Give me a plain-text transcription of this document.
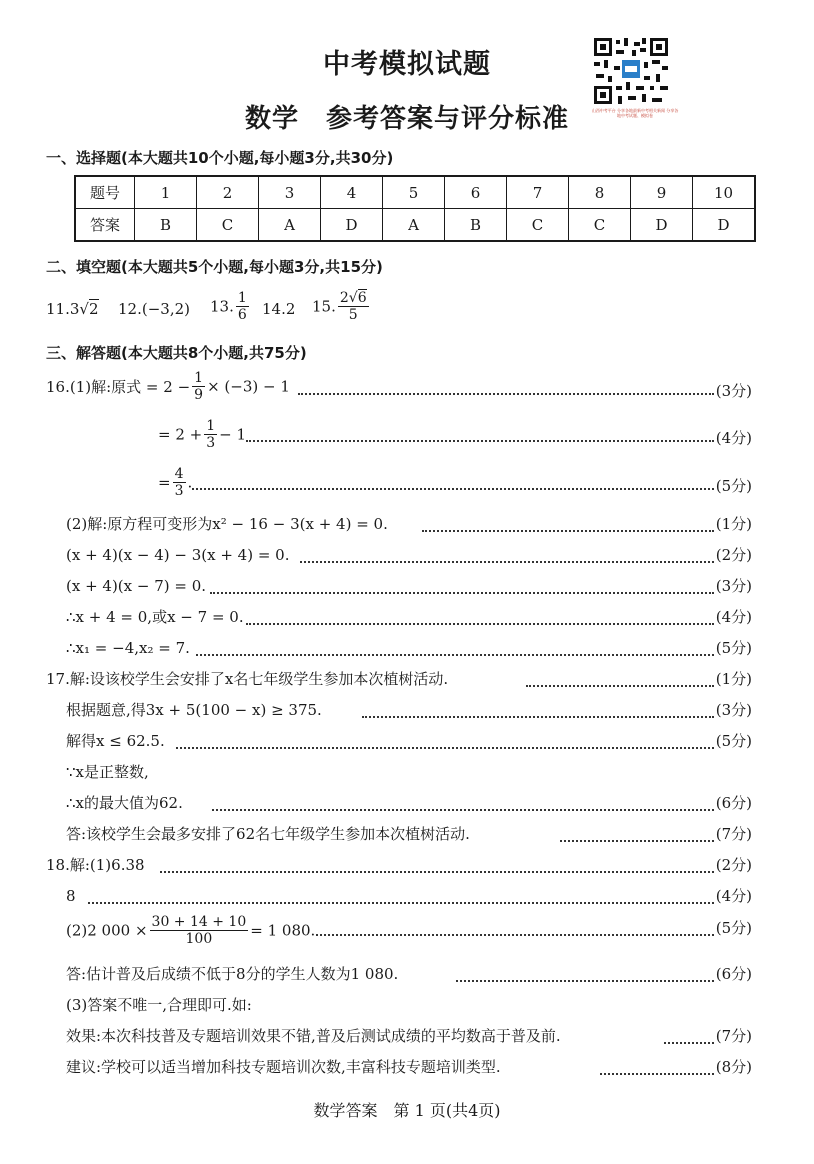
中考模拟试题
数学　参考答案与评分标准	山西中考平台 分享各地最新中考相关新闻 分享各地中考试题、模拟卷
一、选择题(本大题共10个小题,每小题3分,共30分)
题号	1	2	3	4	5	6	7	8	9	10
答案	B	C	A	D	A	B	C	C	D	D
二、填空题(本大题共5个小题,每小题3分,共15分)
11.3√2 12.(−3,2) 13. $\frac{1}{6} 14.2$ 15. $\frac{2√6}{5}$
三、解答题(本大题共8个小题,共75分)
16.(1)解:原式 = $2 - \frac{1}{9} \times (-3) - 1$	(3分)
= $2 + \frac{1}{3} - 1$	(4分)
= $\frac{4}{3}$ .	(5分)
(2)解:原方程可变形为x² − 16 − 3(x + 4) = 0.	(1分)
(x + 4)(x − 4) − 3(x + 4) = 0.	(2分)
(x + 4)(x − 7) = 0.	(3分)
∴x + 4 = 0,或x − 7 = 0.	(4分)
∴x₁ = −4,x₂ = 7.	(5分)
17.解:设该校学生会安排了x名七年级学生参加本次植树活动.	(1分)
根据题意,得3x + 5(100 − x) ≥ 375.	(3分)
解得x ≤ 62.5.	(5分)
∵x是正整数,
∴x的最大值为62.	(6分)
答:该校学生会最多安排了62名七年级学生参加本次植树活动.	(7分)
18.解:(1)6.38	(2分)
8	(4分)
(2)2 $000 \times \frac{30 + 14 + 10}{100} = 1$ 080.	(5分)
答:估计普及后成绩不低于8分的学生人数为1 080.	(6分)
(3)答案不唯一,合理即可.如:
效果:本次科技普及专题培训效果不错,普及后测试成绩的平均数高于普及前.	(7分)
建议:学校可以适当增加科技专题培训次数,丰富科技专题培训类型.	(8分)
数学答案　第 1 页(共4页)
